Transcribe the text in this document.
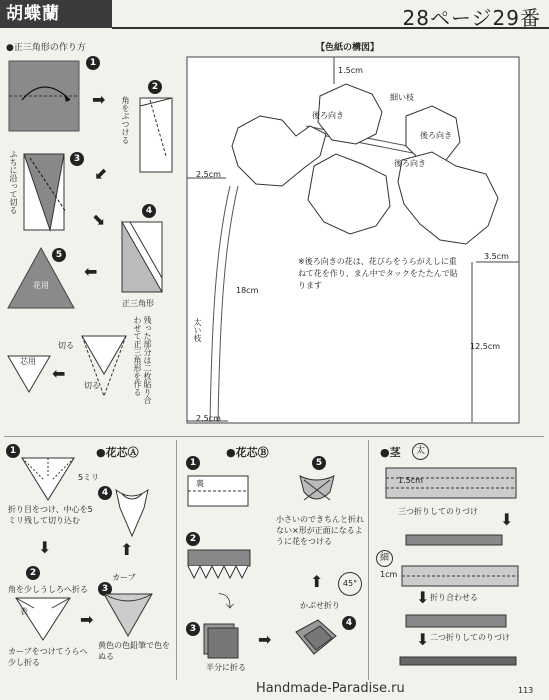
胡蝶蘭	28ページ29番
●正三角形の作り方
1
➡
2
角をぶつける
⬋
3
ふちに沿って切る
⬊	4
正三角形
⬅
5
花用
残った部分は二枚貼り合わせて正三角形を作る
切る
切る
⬅
芯用
【色紙の構図】
1.5cm
細い枝
後ろ向き
後ろ向き
後ろ向き
2.5cm
3.5cm
18cm
12.5cm
2.5cm
太い枝
※後ろ向きの花は、花びらをうらがえしに重ねて花を作り、まん中でタックをたたんで貼ります
1	●花芯Ⓐ
5ミリ
折り目をつけ、中心を5ミリ残して切り込む
⬇
2
角を少しうしろへ折る
表
カーブをつけてうらへ少し折る
➡
3
カーブ
黄色の色鉛筆で色をぬる
⬆
4
●花芯Ⓑ
1
裏
2
⤵
3
半分に折る
➡
4
かぶせ折り
45°
⬆
5
小さいのできちんと折れない×形が正面になるように花をつける
●茎	太
1.5cm
三つ折りしてのりづけ ⬇
細
1cm
折り合わせる
⬇
二つ折りしてのりづけ
⬇
Handmade-Paradise.ru	113
